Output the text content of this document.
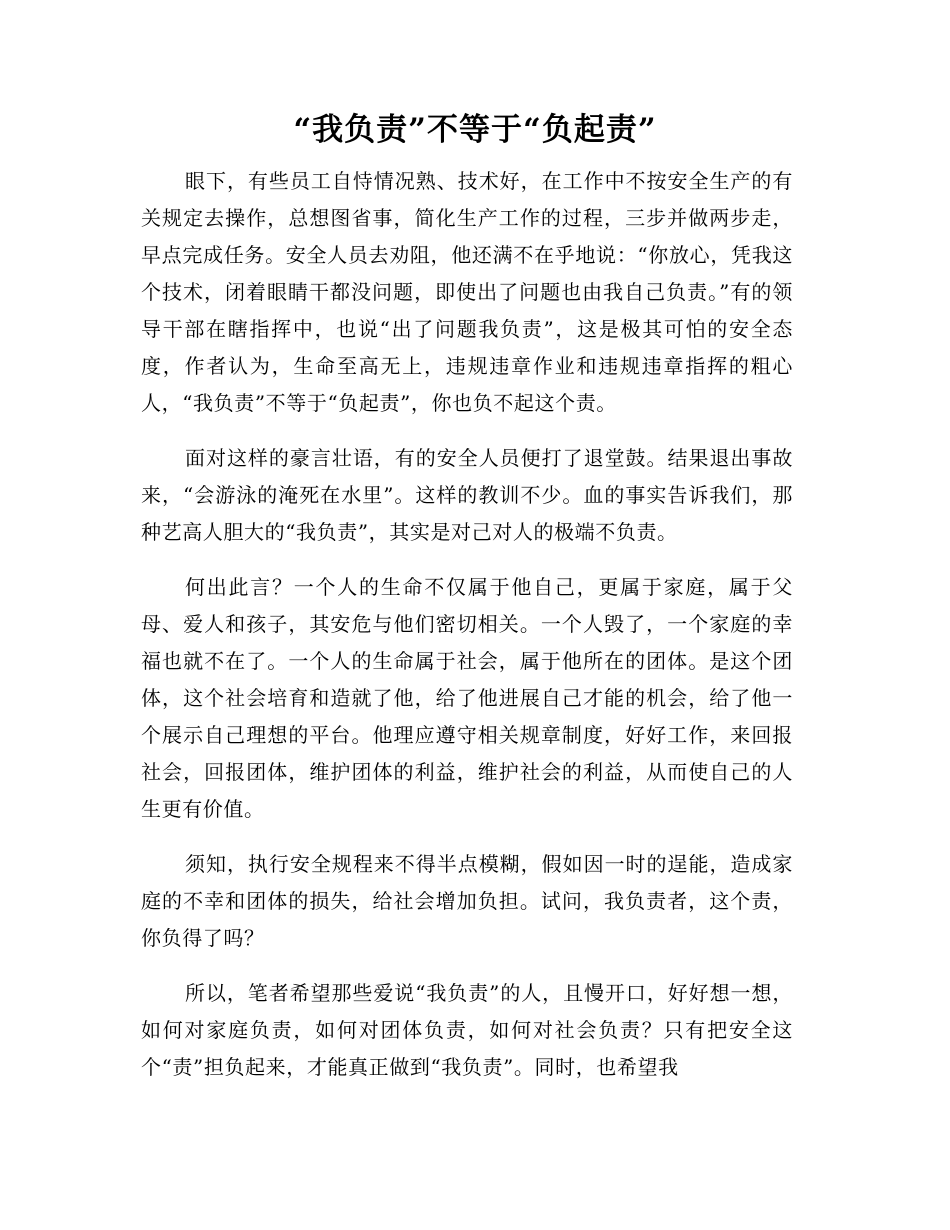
“我负责”不等于“负起责”

眼下，有些员工自恃情况熟、技术好，在工作中不按安全生产的有关规定去操作，总想图省事，简化生产工作的过程，三步并做两步走，早点完成任务。安全人员去劝阻，他还满不在乎地说：“你放心，凭我这个技术，闭着眼睛干都没问题，即使出了问题也由我自己负责。”有的领导干部在瞎指挥中，也说“出了问题我负责”，这是极其可怕的安全态度，作者认为，生命至高无上，违规违章作业和违规违章指挥的粗心人，“我负责”不等于“负起责”，你也负不起这个责。

面对这样的豪言壮语，有的安全人员便打了退堂鼓。结果退出事故来，“会游泳的淹死在水里”。这样的教训不少。血的事实告诉我们，那种艺高人胆大的“我负责”，其实是对己对人的极端不负责。

何出此言？一个人的生命不仅属于他自己，更属于家庭，属于父母、爱人和孩子，其安危与他们密切相关。一个人毁了，一个家庭的幸福也就不在了。一个人的生命属于社会，属于他所在的团体。是这个团体，这个社会培育和造就了他，给了他进展自己才能的机会，给了他一个展示自己理想的平台。他理应遵守相关规章制度，好好工作，来回报社会，回报团体，维护团体的利益，维护社会的利益，从而使自己的人生更有价值。

须知，执行安全规程来不得半点模糊，假如因一时的逞能，造成家庭的不幸和团体的损失，给社会增加负担。试问，我负责者，这个责，你负得了吗？

所以，笔者希望那些爱说“我负责”的人，且慢开口，好好想一想，如何对家庭负责，如何对团体负责，如何对社会负责？只有把安全这个“责”担负起来，才能真正做到“我负责”。同时，也希望我
